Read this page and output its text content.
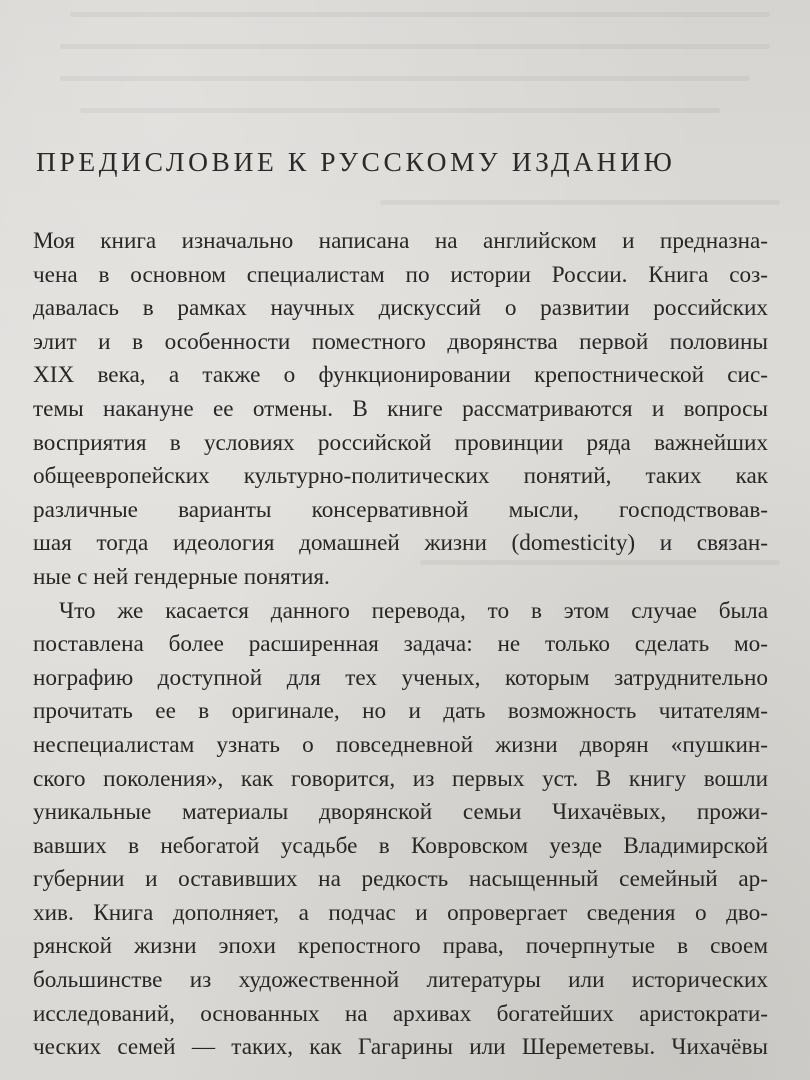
ПРЕДИСЛОВИЕ К РУССКОМУ ИЗДАНИЮ
Моя книга изначально написана на английском и предназна-
чена в основном специалистам по истории России. Книга соз-
давалась в рамках научных дискуссий о развитии российских
элит и в особенности поместного дворянства первой половины
XIX века, а также о функционировании крепостнической сис-
темы накануне ее отмены. В книге рассматриваются и вопросы
восприятия в условиях российской провинции ряда важнейших
общеевропейских культурно-политических понятий, таких как
различные варианты консервативной мысли, господствовав-
шая тогда идеология домашней жизни (domesticity) и связан-
ные с ней гендерные понятия.
Что же касается данного перевода, то в этом случае была
поставлена более расширенная задача: не только сделать мо-
нографию доступной для тех ученых, которым затруднительно
прочитать ее в оригинале, но и дать возможность читателям-
неспециалистам узнать о повседневной жизни дворян «пушкин-
ского поколения», как говорится, из первых уст. В книгу вошли
уникальные материалы дворянской семьи Чихачёвых, прожи-
вавших в небогатой усадьбе в Ковровском уезде Владимирской
губернии и оставивших на редкость насыщенный семейный ар-
хив. Книга дополняет, а подчас и опровергает сведения о дво-
рянской жизни эпохи крепостного права, почерпнутые в своем
большинстве из художественной литературы или исторических
исследований, основанных на архивах богатейших аристократи-
ческих семей — таких, как Гагарины или Шереметевы. Чихачёвы
